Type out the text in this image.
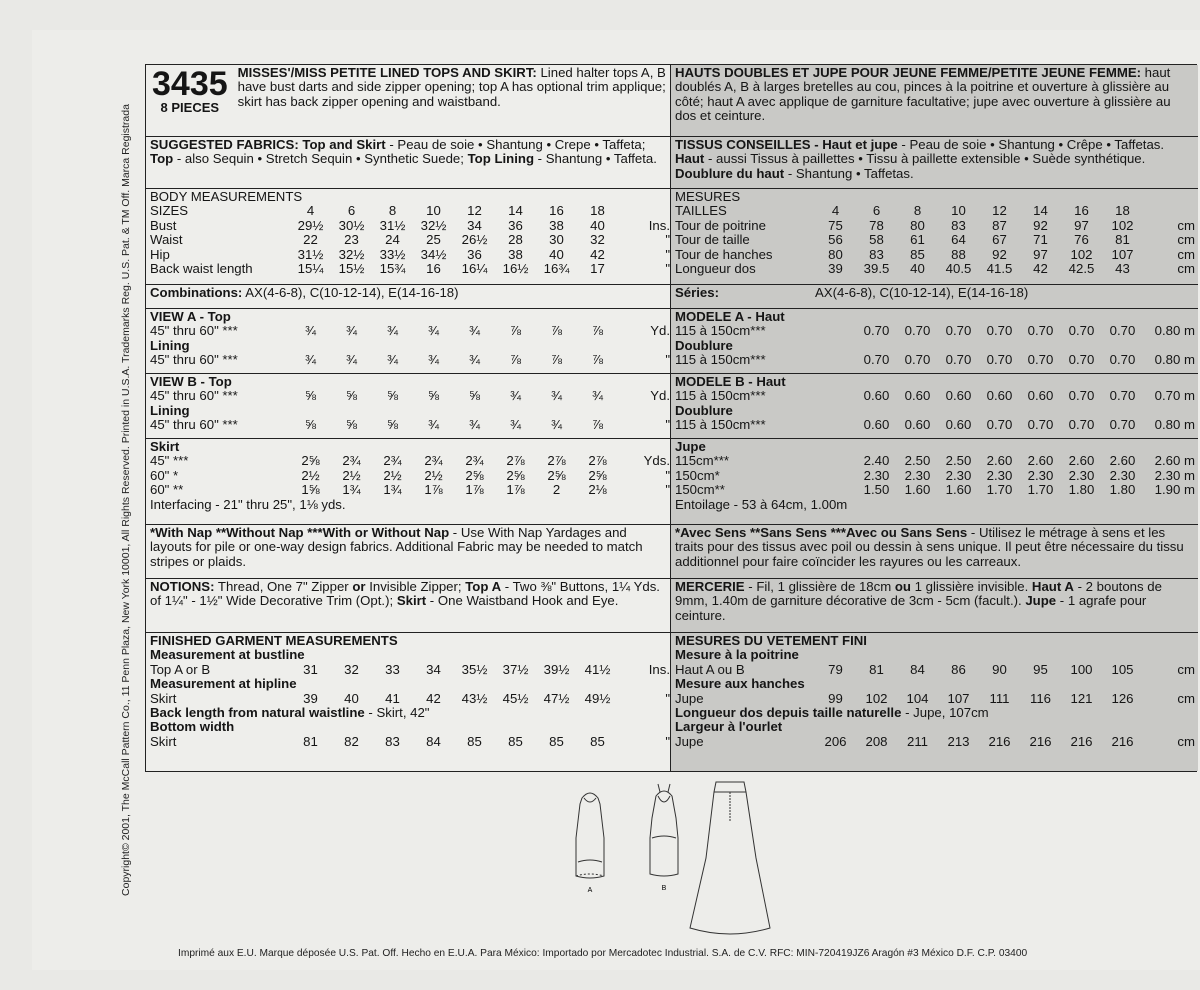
Copyright© 2001, The McCall Pattern Co., 11 Penn Plaza, New York 10001, All Rights Reserved. Printed in U.S.A. Trademarks Reg. U.S. Pat. & TM Off. Marca Registrada
3435
8 PIECES
MISSES'/MISS PETITE LINED TOPS AND SKIRT: Lined halter tops A, B have bust darts and side zipper opening; top A has optional trim applique; skirt has back zipper opening and waistband.
SUGGESTED FABRICS: Top and Skirt - Peau de soie • Shantung • Crepe • Taffeta; Top - also Sequin • Stretch Sequin • Synthetic Suede; Top Lining - Shantung • Taffeta.
BODY MEASUREMENTS
SIZES	4	6	8	10	12	14	16	18
Bust	29½	30½	31½	32½	34	36	38	40	Ins.
Waist	22	23	24	25	26½	28	30	32	"
Hip	31½	32½	33½	34½	36	38	40	42	"
Back waist length	15¼	15½	15¾	16	16¼	16½	16¾	17	"
Combinations: AX(4-6-8), C(10-12-14), E(14-16-18)
VIEW A - Top
45" thru 60" ***	¾	¾	¾	¾	¾	⅞	⅞	⅞	Yd.
Lining
45" thru 60" ***	¾	¾	¾	¾	¾	⅞	⅞	⅞	"
VIEW B - Top
45" thru 60" ***	⅝	⅝	⅝	⅝	⅝	¾	¾	¾	Yd.
Lining
45" thru 60" ***	⅝	⅝	⅝	¾	¾	¾	¾	⅞	"
Skirt
45" ***	2⅝	2¾	2¾	2¾	2¾	2⅞	2⅞	2⅞	Yds.
60" *	2½	2½	2½	2½	2⅝	2⅝	2⅝	2⅝	"
60" **	1⅝	1¾	1¾	1⅞	1⅞	1⅞	2	2⅛	"
Interfacing - 21" thru 25", 1⅛ yds.
*With Nap **Without Nap ***With or Without Nap - Use With Nap Yardages and layouts for pile or one-way design fabrics. Additional Fabric may be needed to match stripes or plaids.
NOTIONS: Thread, One 7" Zipper or Invisible Zipper; Top A - Two ⅜" Buttons, 1¼ Yds. of 1¼" - 1½" Wide Decorative Trim (Opt.); Skirt - One Waistband Hook and Eye.
FINISHED GARMENT MEASUREMENTS
Measurement at bustline
Top A or B	31	32	33	34	35½	37½	39½	41½	Ins.
Measurement at hipline
Skirt	39	40	41	42	43½	45½	47½	49½	"
Back length from natural waistline - Skirt, 42"
Bottom width
Skirt	81	82	83	84	85	85	85	85	"
HAUTS DOUBLES ET JUPE POUR JEUNE FEMME/PETITE JEUNE FEMME: haut doublés A, B à larges bretelles au cou, pinces à la poitrine et ouverture à glissière au côté; haut A avec applique de garniture facultative; jupe avec ouverture à glissière au dos et ceinture.
TISSUS CONSEILLES - Haut et jupe - Peau de soie • Shantung • Crêpe • Taffetas. Haut - aussi Tissus à paillettes • Tissu à paillette extensible • Suède synthétique. Doublure du haut - Shantung • Taffetas.
MESURES
TAILLES	4	6	8	10	12	14	16	18
Tour de poitrine	75	78	80	83	87	92	97	102	cm
Tour de taille	56	58	61	64	67	71	76	81	cm
Tour de hanches	80	83	85	88	92	97	102	107	cm
Longueur dos	39	39.5	40	40.5	41.5	42	42.5	43	cm
Séries:	AX(4-6-8), C(10-12-14), E(14-16-18)
MODELE A - Haut
115 à 150cm***	0.70	0.70	0.70	0.70	0.70	0.70	0.70	0.80 m
Doublure
115 à 150cm***	0.70	0.70	0.70	0.70	0.70	0.70	0.70	0.80 m
MODELE B - Haut
115 à 150cm***	0.60	0.60	0.60	0.60	0.60	0.70	0.70	0.70 m
Doublure
115 à 150cm***	0.60	0.60	0.60	0.70	0.70	0.70	0.70	0.80 m
Jupe
115cm***	2.40	2.50	2.50	2.60	2.60	2.60	2.60	2.60 m
150cm*	2.30	2.30	2.30	2.30	2.30	2.30	2.30	2.30 m
150cm**	1.50	1.60	1.60	1.70	1.70	1.80	1.80	1.90 m
Entoilage - 53 à 64cm, 1.00m
*Avec Sens **Sans Sens ***Avec ou Sans Sens - Utilisez le métrage à sens et les traits pour des tissus avec poil ou dessin à sens unique. Il peut être nécessaire du tissu additionnel pour faire coïncider les rayures ou les carreaux.
MERCERIE - Fil, 1 glissière de 18cm ou 1 glissière invisible. Haut A - 2 boutons de 9mm, 1.40m de garniture décorative de 3cm - 5cm (facult.). Jupe - 1 agrafe pour ceinture.
MESURES DU VETEMENT FINI
Mesure à la poitrine
Haut A ou B	79	81	84	86	90	95	100	105	cm
Mesure aux hanches
Jupe	99	102	104	107	111	116	121	126	cm
Longueur dos depuis taille naturelle - Jupe, 107cm
Largeur à l'ourlet
Jupe	206	208	211	213	216	216	216	216	cm
A	B
Imprimé aux E.U. Marque déposée U.S. Pat. Off. Hecho en E.U.A. Para México: Importado por Mercadotec Industrial. S.A. de C.V. RFC: MIN-720419JZ6 Aragón #3 México D.F. C.P. 03400
